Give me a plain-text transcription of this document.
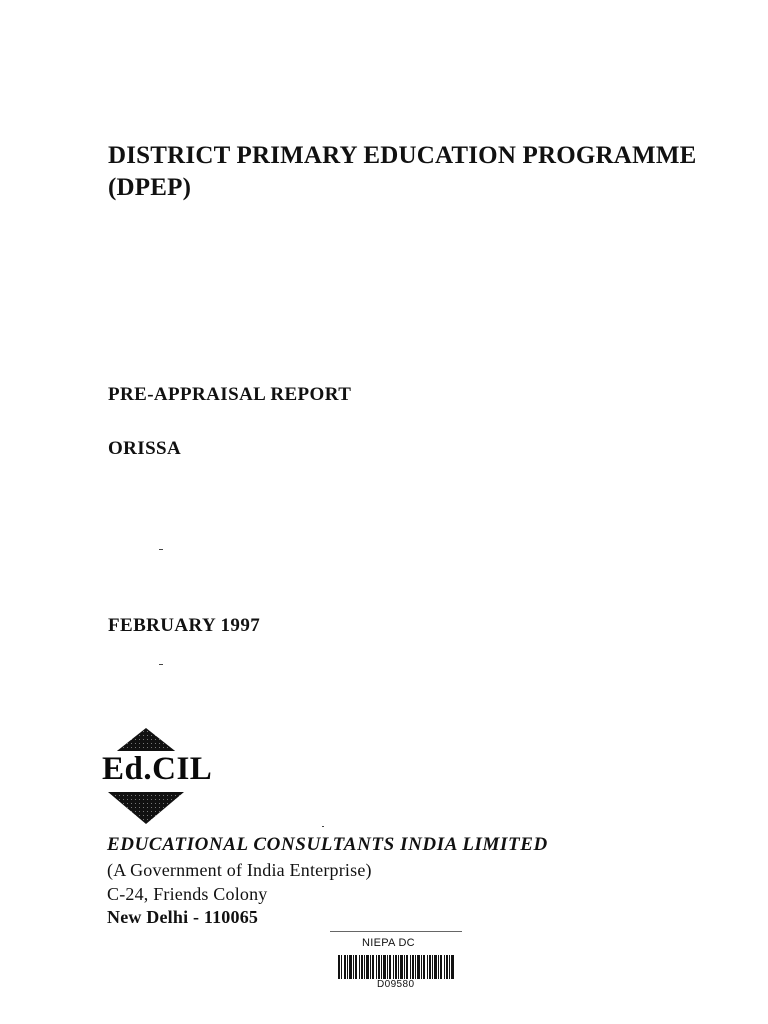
DISTRICT PRIMARY EDUCATION PROGRAMME
(DPEP)
PRE-APPRAISAL REPORT
ORISSA
FEBRUARY 1997
Ed.CIL
EDUCATIONAL CONSULTANTS INDIA LIMITED
(A Government of India Enterprise)
C-24, Friends Colony
New Delhi - 110065
NIEPA DC
D09580
